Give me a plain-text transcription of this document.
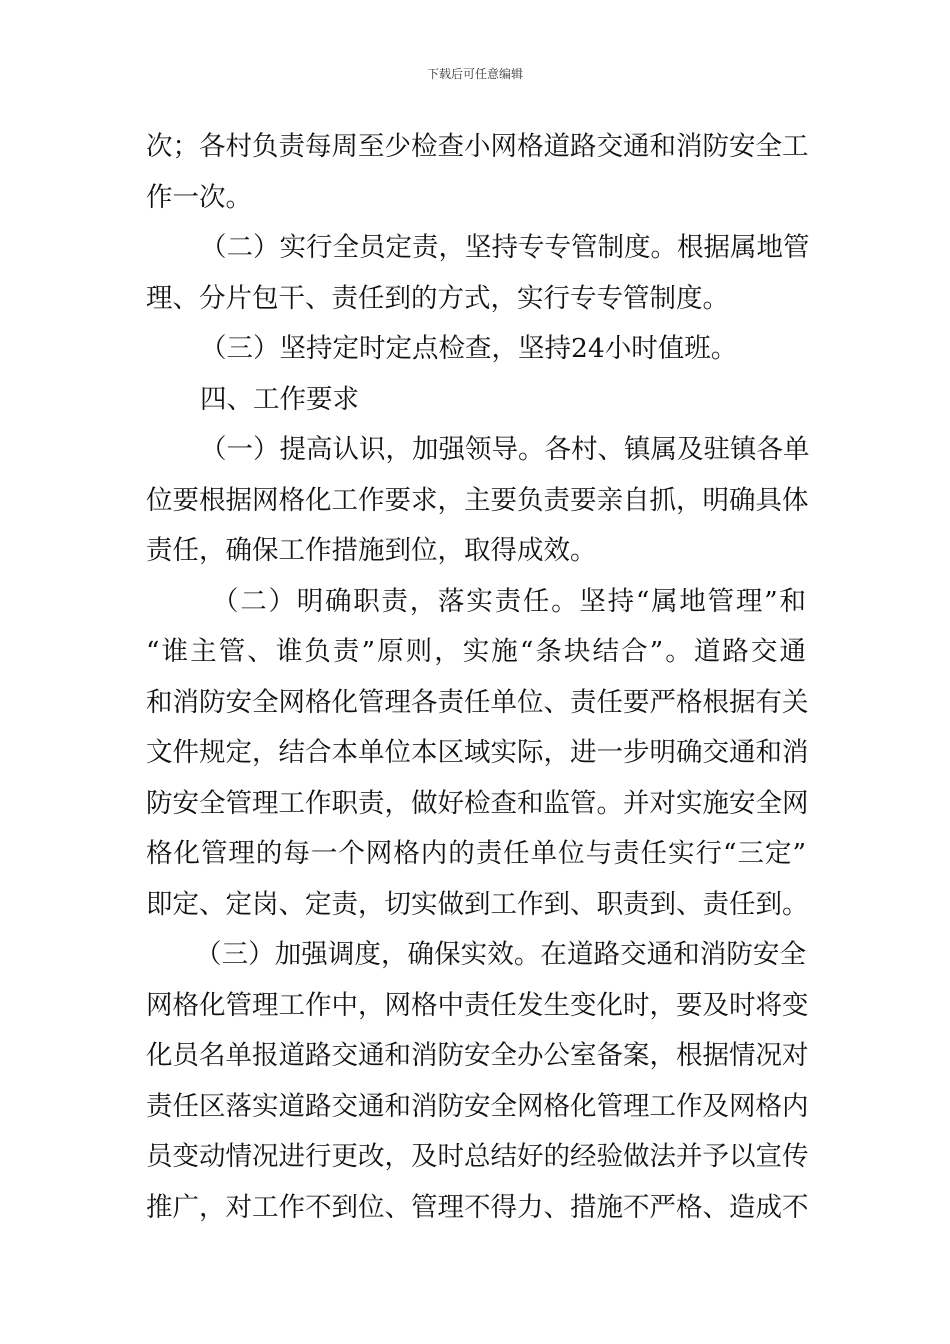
下载后可任意编辑
次；各村负责每周至少检查小网格道路交通和消防安全工
作一次。
（二）实行全员定责，坚持专专管制度。根据属地管
理、分片包干、责任到的方式，实行专专管制度。
（三）坚持定时定点检查，坚持24小时值班。
四、工作要求
（一）提高认识，加强领导。各村、镇属及驻镇各单
位要根据网格化工作要求，主要负责要亲自抓，明确具体
责任，确保工作措施到位，取得成效。
（二）明确职责，落实责任。坚持“属地管理”和
“谁主管、谁负责”原则，实施“条块结合”。道路交通
和消防安全网格化管理各责任单位、责任要严格根据有关
文件规定，结合本单位本区域实际，进一步明确交通和消
防安全管理工作职责，做好检查和监管。并对实施安全网
格化管理的每一个网格内的责任单位与责任实行“三定”
即定、定岗、定责，切实做到工作到、职责到、责任到。
（三）加强调度，确保实效。在道路交通和消防安全
网格化管理工作中，网格中责任发生变化时，要及时将变
化员名单报道路交通和消防安全办公室备案，根据情况对
责任区落实道路交通和消防安全网格化管理工作及网格内
员变动情况进行更改，及时总结好的经验做法并予以宣传
推广，对工作不到位、管理不得力、措施不严格、造成不
